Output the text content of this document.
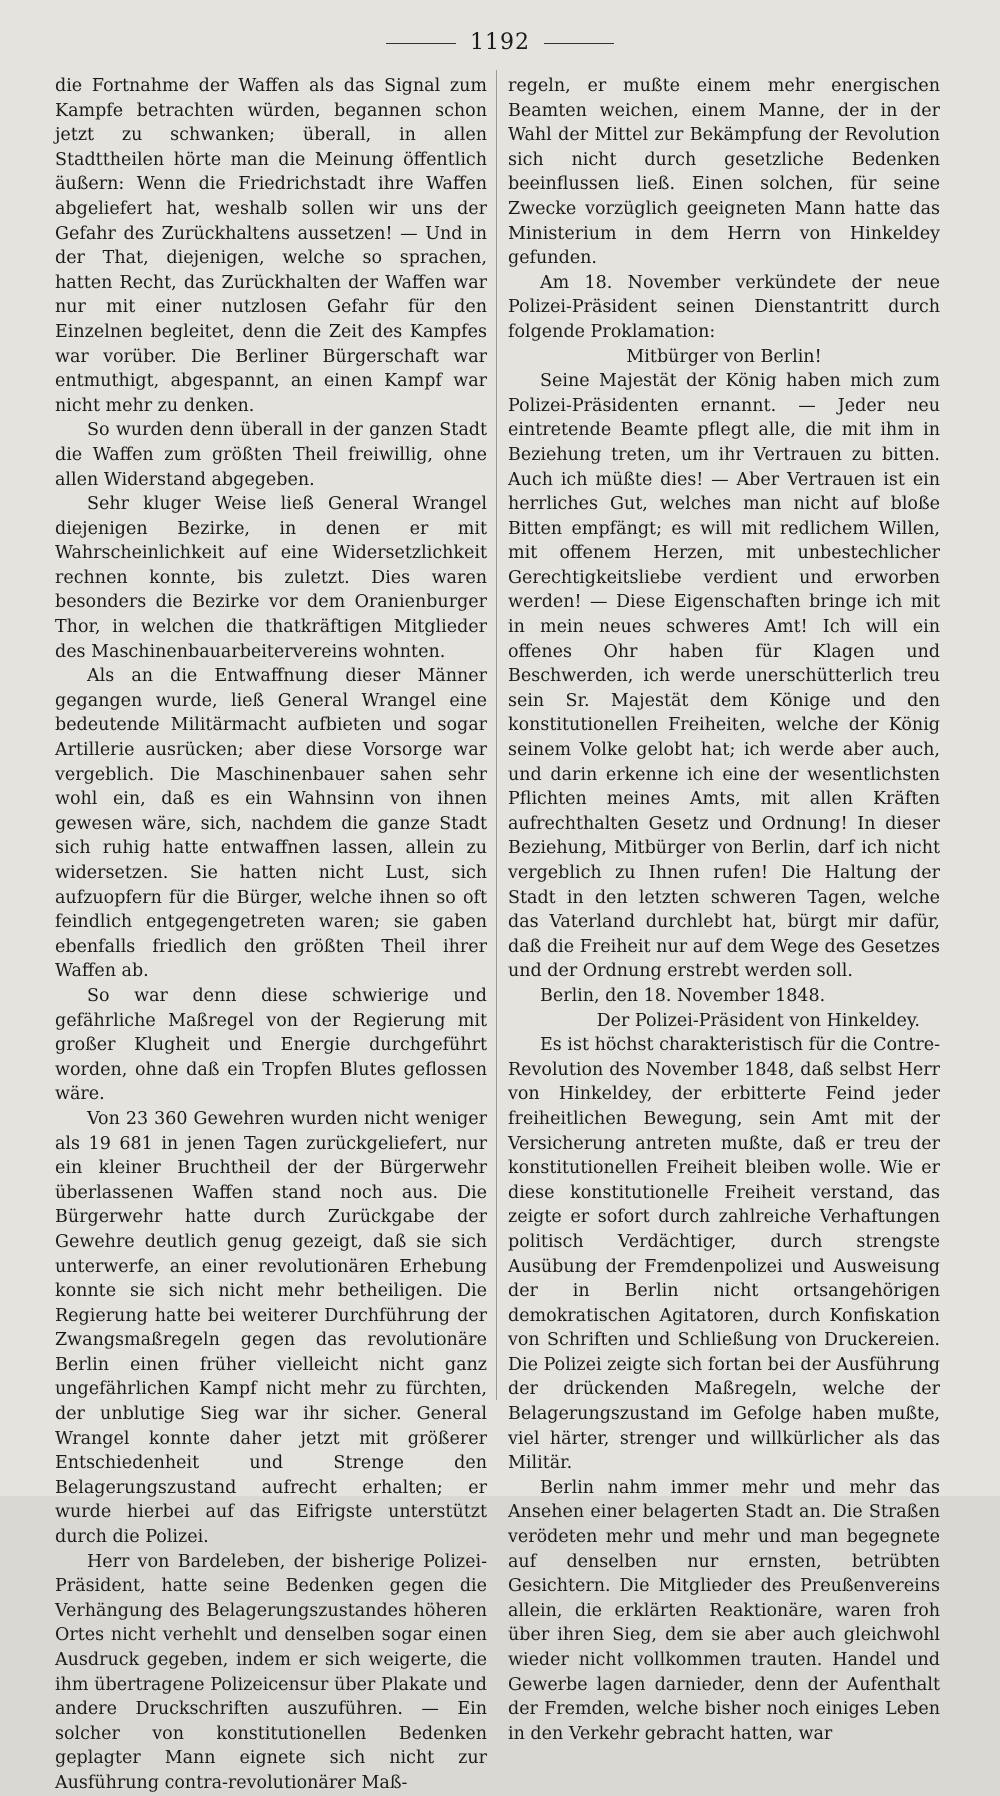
1192

die Fortnahme der Waffen als das Signal zum Kampfe betrachten würden, begannen schon jetzt zu schwanken; überall, in allen Stadttheilen hörte man die Meinung öffentlich äußern: Wenn die Friedrichstadt ihre Waffen abgeliefert hat, weshalb sollen wir uns der Gefahr des Zurückhaltens aussetzen! — Und in der That, diejenigen, welche so sprachen, hatten Recht, das Zurückhalten der Waffen war nur mit einer nutzlosen Gefahr für den Einzelnen begleitet, denn die Zeit des Kampfes war vorüber. Die Berliner Bürgerschaft war entmuthigt, abgespannt, an einen Kampf war nicht mehr zu denken.

So wurden denn überall in der ganzen Stadt die Waffen zum größten Theil freiwillig, ohne allen Widerstand abgegeben.

Sehr kluger Weise ließ General Wrangel diejenigen Bezirke, in denen er mit Wahrscheinlichkeit auf eine Widersetzlichkeit rechnen konnte, bis zuletzt. Dies waren besonders die Bezirke vor dem Oranienburger Thor, in welchen die thatkräftigen Mitglieder des Maschinenbauarbeitervereins wohnten.

Als an die Entwaffnung dieser Männer gegangen wurde, ließ General Wrangel eine bedeutende Militärmacht aufbieten und sogar Artillerie ausrücken; aber diese Vorsorge war vergeblich. Die Maschinenbauer sahen sehr wohl ein, daß es ein Wahnsinn von ihnen gewesen wäre, sich, nachdem die ganze Stadt sich ruhig hatte entwaffnen lassen, allein zu widersetzen. Sie hatten nicht Lust, sich aufzuopfern für die Bürger, welche ihnen so oft feindlich entgegengetreten waren; sie gaben ebenfalls friedlich den größten Theil ihrer Waffen ab.

So war denn diese schwierige und gefährliche Maßregel von der Regierung mit großer Klugheit und Energie durchgeführt worden, ohne daß ein Tropfen Blutes geflossen wäre.

Von 23 360 Gewehren wurden nicht weniger als 19 681 in jenen Tagen zurückgeliefert, nur ein kleiner Bruchtheil der der Bürgerwehr überlassenen Waffen stand noch aus. Die Bürgerwehr hatte durch Zurückgabe der Gewehre deutlich genug gezeigt, daß sie sich unterwerfe, an einer revolutionären Erhebung konnte sie sich nicht mehr betheiligen. Die Regierung hatte bei weiterer Durchführung der Zwangsmaßregeln gegen das revolutionäre Berlin einen früher vielleicht nicht ganz ungefährlichen Kampf nicht mehr zu fürchten, der unblutige Sieg war ihr sicher. General Wrangel konnte daher jetzt mit größerer Entschiedenheit und Strenge den Belagerungszustand aufrecht erhalten; er wurde hierbei auf das Eifrigste unterstützt durch die Polizei.

Herr von Bardeleben, der bisherige Polizei-Präsident, hatte seine Bedenken gegen die Verhängung des Belagerungszustandes höheren Ortes nicht verhehlt und denselben sogar einen Ausdruck gegeben, indem er sich weigerte, die ihm übertragene Polizeicensur über Plakate und andere Druckschriften auszuführen. — Ein solcher von konstitutionellen Bedenken geplagter Mann eignete sich nicht zur Ausführung contra-revolutionärer Maß-

regeln, er mußte einem mehr energischen Beamten weichen, einem Manne, der in der Wahl der Mittel zur Bekämpfung der Revolution sich nicht durch gesetzliche Bedenken beeinflussen ließ. Einen solchen, für seine Zwecke vorzüglich geeigneten Mann hatte das Ministerium in dem Herrn von Hinkeldey gefunden.

Am 18. November verkündete der neue Polizei-Präsident seinen Dienstantritt durch folgende Proklamation:

Mitbürger von Berlin!

Seine Majestät der König haben mich zum Polizei-Präsidenten ernannt. — Jeder neu eintretende Beamte pflegt alle, die mit ihm in Beziehung treten, um ihr Vertrauen zu bitten. Auch ich müßte dies! — Aber Vertrauen ist ein herrliches Gut, welches man nicht auf bloße Bitten empfängt; es will mit redlichem Willen, mit offenem Herzen, mit unbestechlicher Gerechtigkeitsliebe verdient und erworben werden! — Diese Eigenschaften bringe ich mit in mein neues schweres Amt! Ich will ein offenes Ohr haben für Klagen und Beschwerden, ich werde unerschütterlich treu sein Sr. Majestät dem Könige und den konstitutionellen Freiheiten, welche der König seinem Volke gelobt hat; ich werde aber auch, und darin erkenne ich eine der wesentlichsten Pflichten meines Amts, mit allen Kräften aufrechthalten Gesetz und Ordnung! In dieser Beziehung, Mitbürger von Berlin, darf ich nicht vergeblich zu Ihnen rufen! Die Haltung der Stadt in den letzten schweren Tagen, welche das Vaterland durchlebt hat, bürgt mir dafür, daß die Freiheit nur auf dem Wege des Gesetzes und der Ordnung erstrebt werden soll.

Berlin, den 18. November 1848.

Der Polizei-Präsident von Hinkeldey.

Es ist höchst charakteristisch für die Contre-Revolution des November 1848, daß selbst Herr von Hinkeldey, der erbitterte Feind jeder freiheitlichen Bewegung, sein Amt mit der Versicherung antreten mußte, daß er treu der konstitutionellen Freiheit bleiben wolle. Wie er diese konstitutionelle Freiheit verstand, das zeigte er sofort durch zahlreiche Verhaftungen politisch Verdächtiger, durch strengste Ausübung der Fremdenpolizei und Ausweisung der in Berlin nicht ortsangehörigen demokratischen Agitatoren, durch Konfiskation von Schriften und Schließung von Druckereien. Die Polizei zeigte sich fortan bei der Ausführung der drückenden Maßregeln, welche der Belagerungszustand im Gefolge haben mußte, viel härter, strenger und willkürlicher als das Militär.

Berlin nahm immer mehr und mehr das Ansehen einer belagerten Stadt an. Die Straßen verödeten mehr und mehr und man begegnete auf denselben nur ernsten, betrübten Gesichtern. Die Mitglieder des Preußenvereins allein, die erklärten Reaktionäre, waren froh über ihren Sieg, dem sie aber auch gleichwohl wieder nicht vollkommen trauten. Handel und Gewerbe lagen darnieder, denn der Aufenthalt der Fremden, welche bisher noch einiges Leben in den Verkehr gebracht hatten, war
